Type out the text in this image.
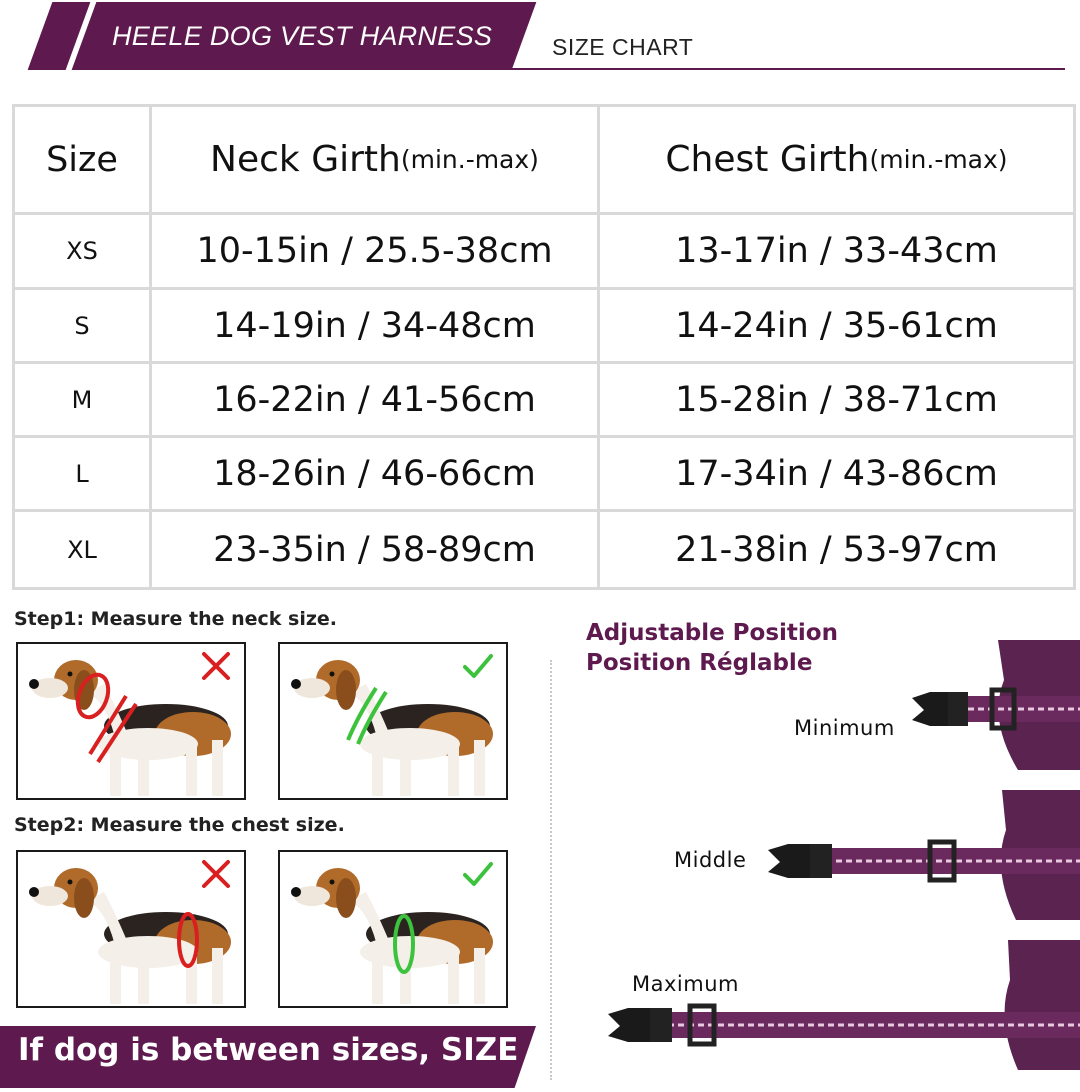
HEELE DOG VEST HARNESS	SIZE CHART
Size	Neck Girth (min.-max)	Chest Girth (min.-max)
XS	10-15in / 25.5-38cm	13-17in / 33-43cm
S	14-19in / 34-48cm	14-24in / 35-61cm
M	16-22in / 41-56cm	15-28in / 38-71cm
L	18-26in / 46-66cm	17-34in / 43-86cm
XL	23-35in / 58-89cm	21-38in / 53-97cm
Step1: Measure the neck size.
Step2: Measure the chest size.
If dog is between sizes, SIZE UP
Adjustable Position
Position Réglable
Minimum
Middle
Maximum
